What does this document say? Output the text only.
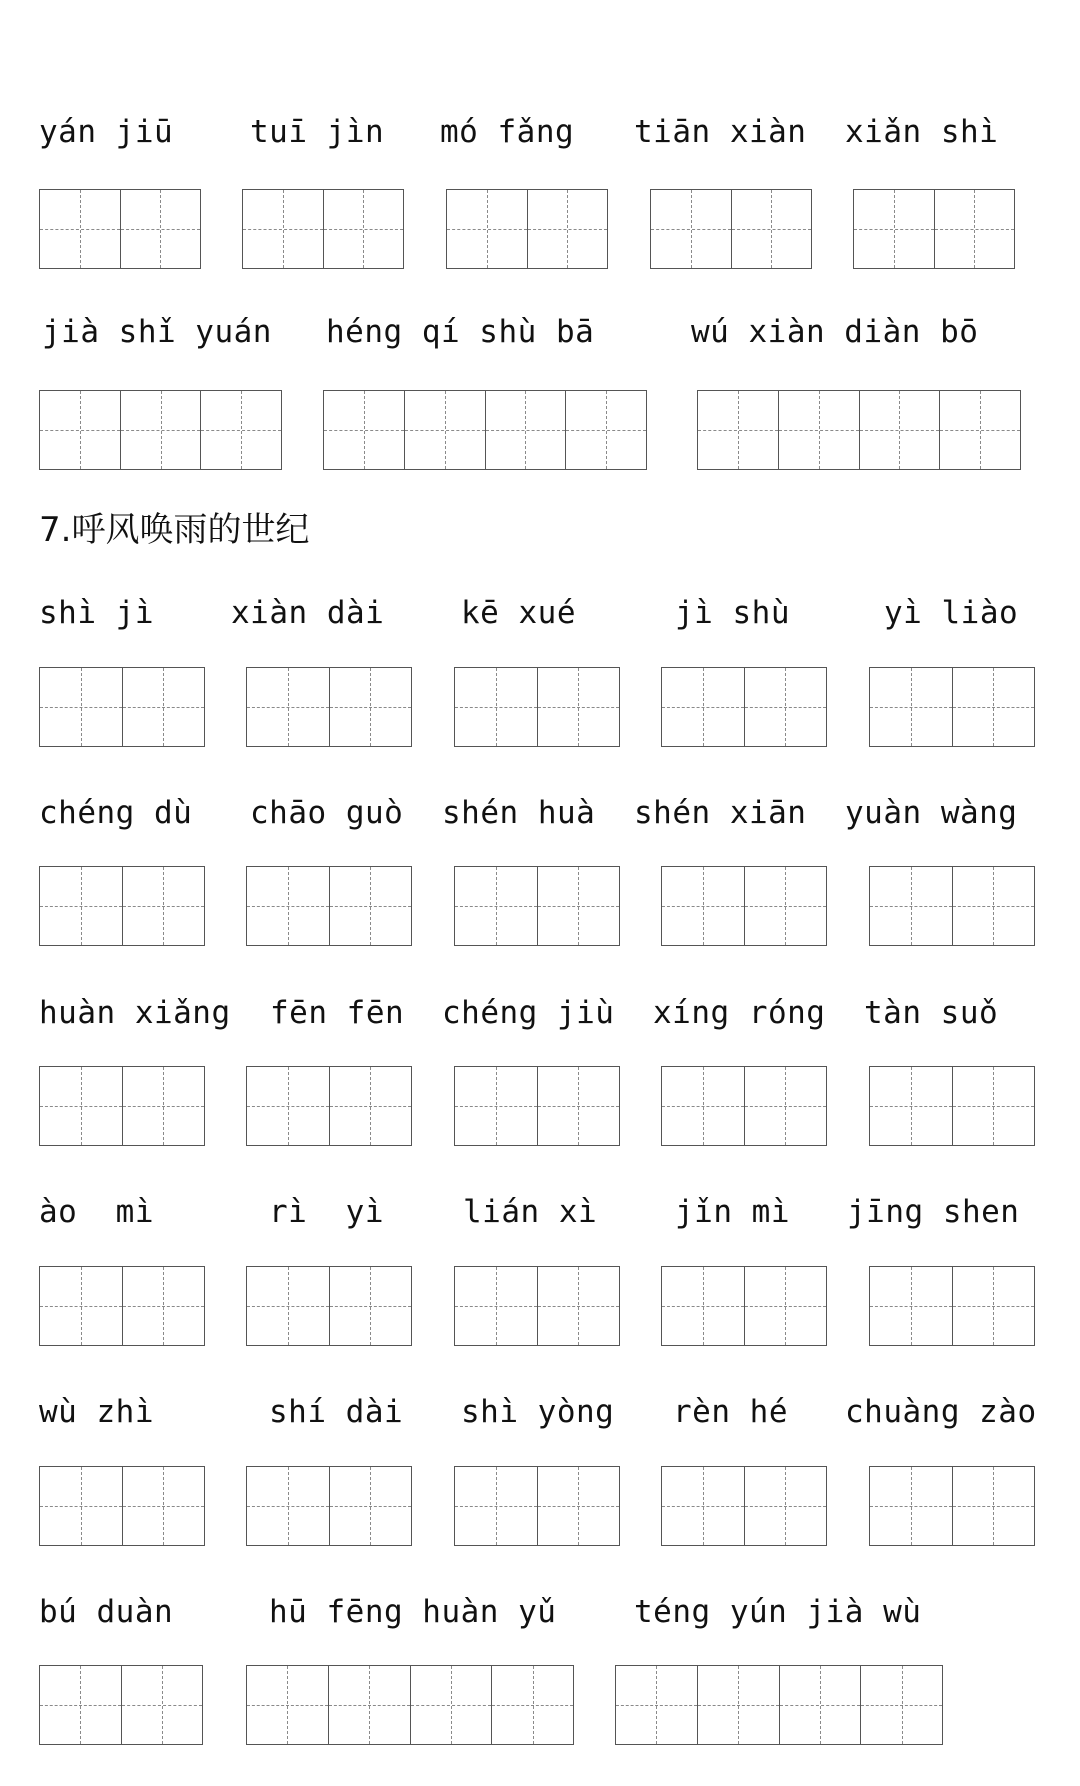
yán jiū tuī jìn mó fǎng tiān xiàn xiǎn shì
jià shǐ yuán héng qí shù bā	wú xiàn diàn bō
shì jì xiàn dài kē xué	jì shù	yì liào
chéng dù chāo guò shén huà shén xiān yuàn wàng
huàn xiǎng fēn fēn chéng jiù xíng róng tàn suǒ
ào  mì	rì  yì	lián xì	jǐn mì jīng shen
wù zhì	shí dài shì yòng rèn hé chuàng zào
bú duàn	hū fēng huàn yǔ	téng yún jià wù
7.呼风唤雨的世纪
